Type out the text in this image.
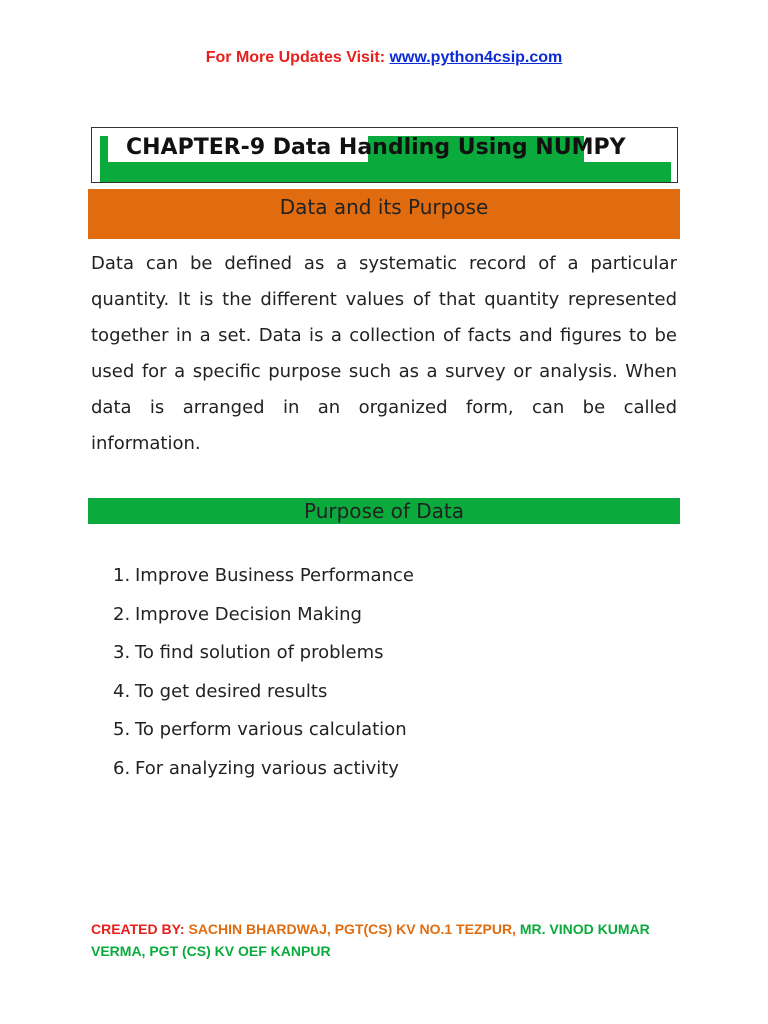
For More Updates Visit: www.python4csip.com
CHAPTER-9 Data Handling Using NUMPY
Data and its Purpose

Data can be defined as a systematic record of a particular quantity. It is the different values of that quantity represented together in a set. Data is a collection of facts and figures to be used for a specific purpose such as a survey or analysis. When data is arranged in an organized form, can be called information.

Purpose of Data
1. Improve Business Performance
2. Improve Decision Making
3. To find solution of problems
4. To get desired results
5. To perform various calculation
6. For analyzing various activity
CREATED BY: SACHIN BHARDWAJ, PGT(CS) KV NO.1 TEZPUR, MR. VINOD KUMAR VERMA, PGT (CS) KV OEF KANPUR
